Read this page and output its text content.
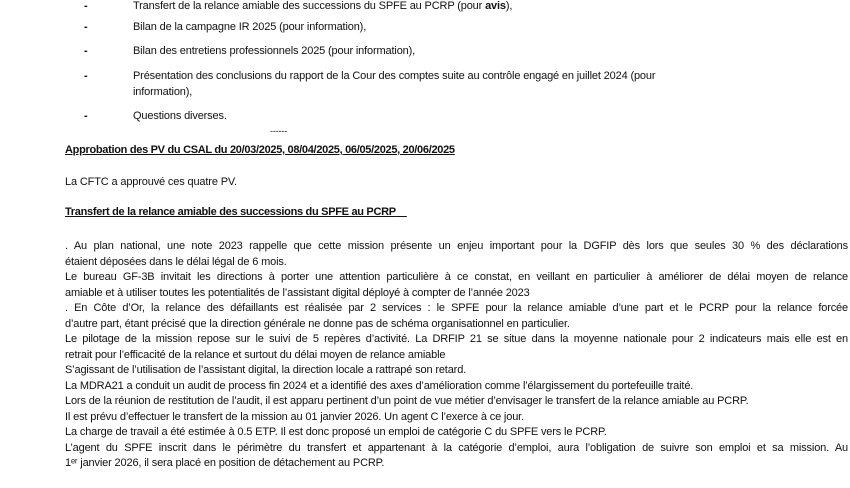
-	Transfert de la relance amiable des successions du SPFE au PCRP (pour avis),
-	Bilan de la campagne IR 2025 (pour information),
-	Bilan des entretiens professionnels 2025 (pour information),
-	Présentation des conclusions du rapport de la Cour des comptes suite au contrôle engagé en juillet 2024 (pour
information),
-	Questions diverses.
------
Approbation des PV du CSAL du 20/03/2025, 08/04/2025, 06/05/2025, 20/06/2025
La CFTC a approuvé ces quatre PV.
Transfert de la relance amiable des successions du SPFE au PCRP
. Au plan national, une note 2023 rappelle que cette mission présente un enjeu important pour la DGFIP dès lors que seules 30 % des déclarations
étaient déposées dans le délai légal de 6 mois.
Le bureau GF-3B invitait les directions à porter une attention particulière à ce constat, en veillant en particulier à améliorer de délai moyen de relance
amiable et à utiliser toutes les potentialités de l’assistant digital déployé à compter de l’année 2023
. En Côte d’Or, la relance des défaillants est réalisée par 2 services : le SPFE pour la relance amiable d’une part et le PCRP pour la relance forcée
d’autre part, étant précisé que la direction générale ne donne pas de schéma organisationnel en particulier.
Le pilotage de la mission repose sur le suivi de 5 repères d’activité. La DRFIP 21 se situe dans la moyenne nationale pour 2 indicateurs mais elle est en
retrait pour l’efficacité de la relance et surtout du délai moyen de relance amiable
S’agissant de l’utilisation de l’assistant digital, la direction locale a rattrapé son retard.
La MDRA21 a conduit un audit de process fin 2024 et a identifié des axes d’amélioration comme l’élargissement du portefeuille traité.
Lors de la réunion de restitution de l’audit, il est apparu pertinent d’un point de vue métier d’envisager le transfert de la relance amiable au PCRP.
Il est prévu d’effectuer le transfert de la mission au 01 janvier 2026. Un agent C l’exerce à ce jour.
La charge de travail a été estimée à 0.5 ETP. Il est donc proposé un emploi de catégorie C du SPFE vers le PCRP.
L’agent du SPFE inscrit dans le périmètre du transfert et appartenant à la catégorie d’emploi, aura l’obligation de suivre son emploi et sa mission. Au
1ᵉʳ janvier 2026, il sera placé en position de détachement au PCRP.
